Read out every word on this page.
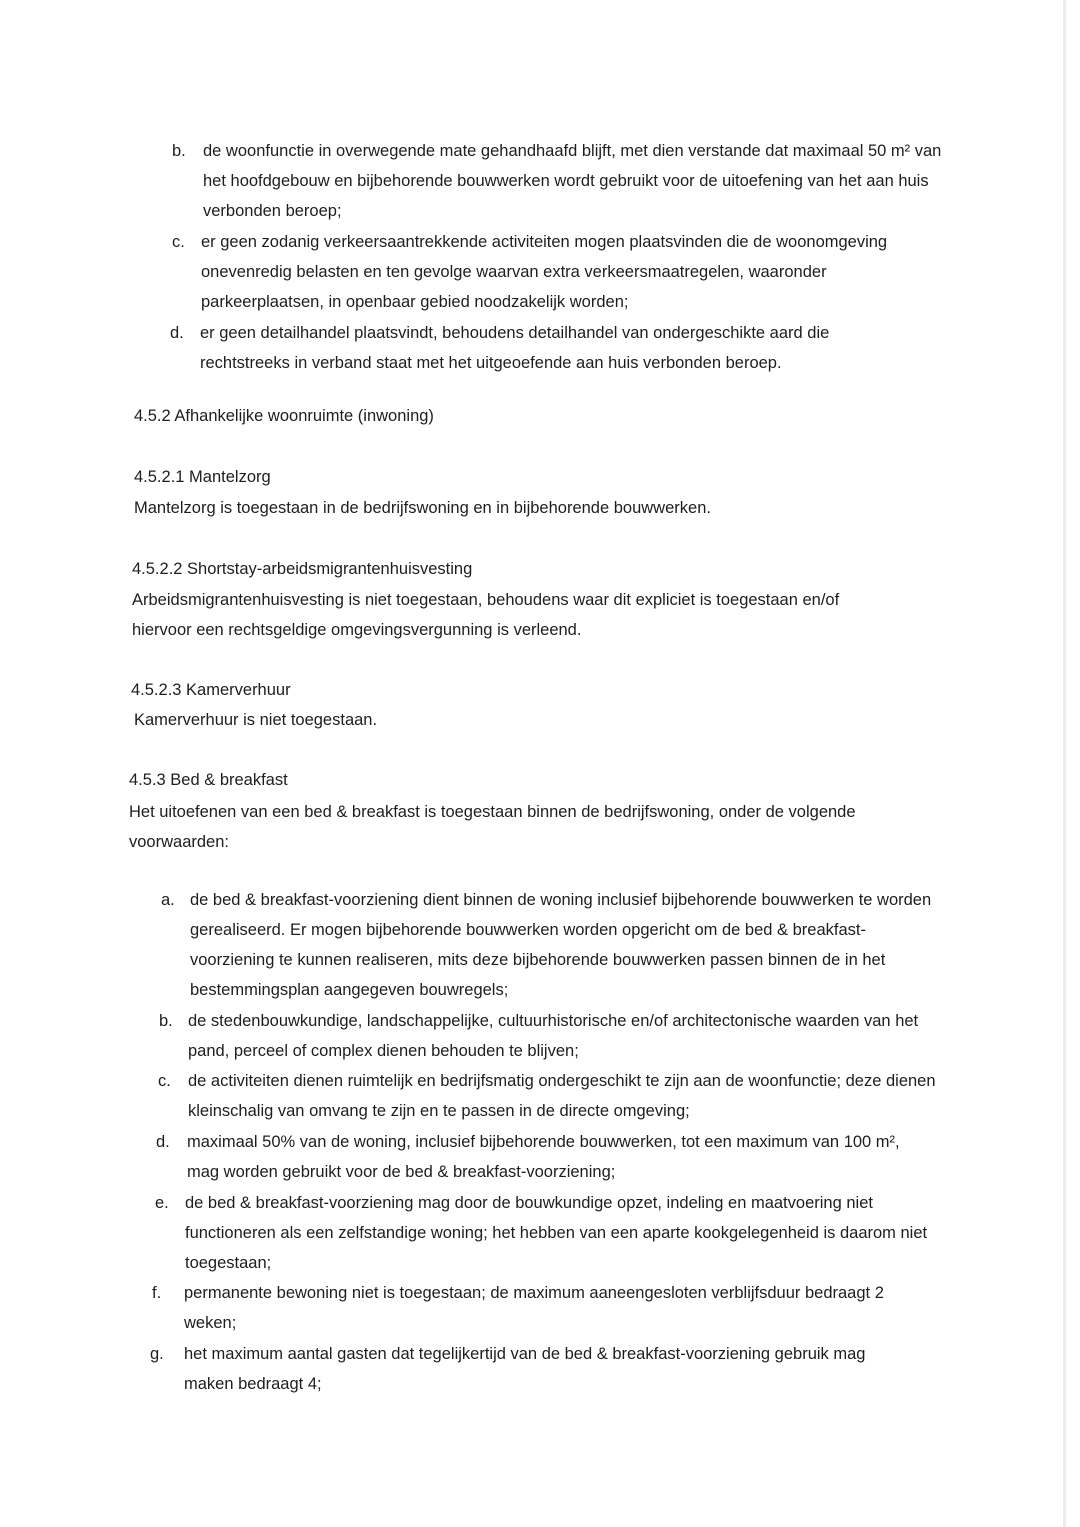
b.	de woonfunctie in overwegende mate gehandhaafd blijft, met dien verstande dat maximaal 50 m² van het hoofdgebouw en bijbehorende bouwwerken wordt gebruikt voor de uitoefening van het aan huis verbonden beroep;
c. er geen zodanig verkeersaantrekkende activiteiten mogen plaatsvinden die de woonomgeving onevenredig belasten en ten gevolge waarvan extra verkeersmaatregelen, waaronder parkeerplaatsen, in openbaar gebied noodzakelijk worden;
d. er geen detailhandel plaatsvindt, behoudens detailhandel van ondergeschikte aard die rechtstreeks in verband staat met het uitgeoefende aan huis verbonden beroep.
4.5.2 Afhankelijke woonruimte (inwoning)
4.5.2.1 Mantelzorg
Mantelzorg is toegestaan in de bedrijfswoning en in bijbehorende bouwwerken.
4.5.2.2 Shortstay-arbeidsmigrantenhuisvesting
Arbeidsmigrantenhuisvesting is niet toegestaan, behoudens waar dit expliciet is toegestaan en/of hiervoor een rechtsgeldige omgevingsvergunning is verleend.
4.5.2.3 Kamerverhuur
Kamerverhuur is niet toegestaan.
4.5.3 Bed & breakfast
Het uitoefenen van een bed & breakfast is toegestaan binnen de bedrijfswoning, onder de volgende voorwaarden:
a. de bed & breakfast-voorziening dient binnen de woning inclusief bijbehorende bouwwerken te worden gerealiseerd. Er mogen bijbehorende bouwwerken worden opgericht om de bed & breakfast-voorziening te kunnen realiseren, mits deze bijbehorende bouwwerken passen binnen de in het bestemmingsplan aangegeven bouwregels;
b. de stedenbouwkundige, landschappelijke, cultuurhistorische en/of architectonische waarden van het pand, perceel of complex dienen behouden te blijven;
c.	de activiteiten dienen ruimtelijk en bedrijfsmatig ondergeschikt te zijn aan de woonfunctie; deze dienen kleinschalig van omvang te zijn en te passen in de directe omgeving;
d.	maximaal 50% van de woning, inclusief bijbehorende bouwwerken, tot een maximum van 100 m², mag worden gebruikt voor de bed & breakfast-voorziening;
e. de bed & breakfast-voorziening mag door de bouwkundige opzet, indeling en maatvoering niet functioneren als een zelfstandige woning; het hebben van een aparte kookgelegenheid is daarom niet toegestaan;
f.	permanente bewoning niet is toegestaan; de maximum aaneengesloten verblijfsduur bedraagt 2 weken;
g.	het maximum aantal gasten dat tegelijkertijd van de bed & breakfast-voorziening gebruik mag maken bedraagt 4;
